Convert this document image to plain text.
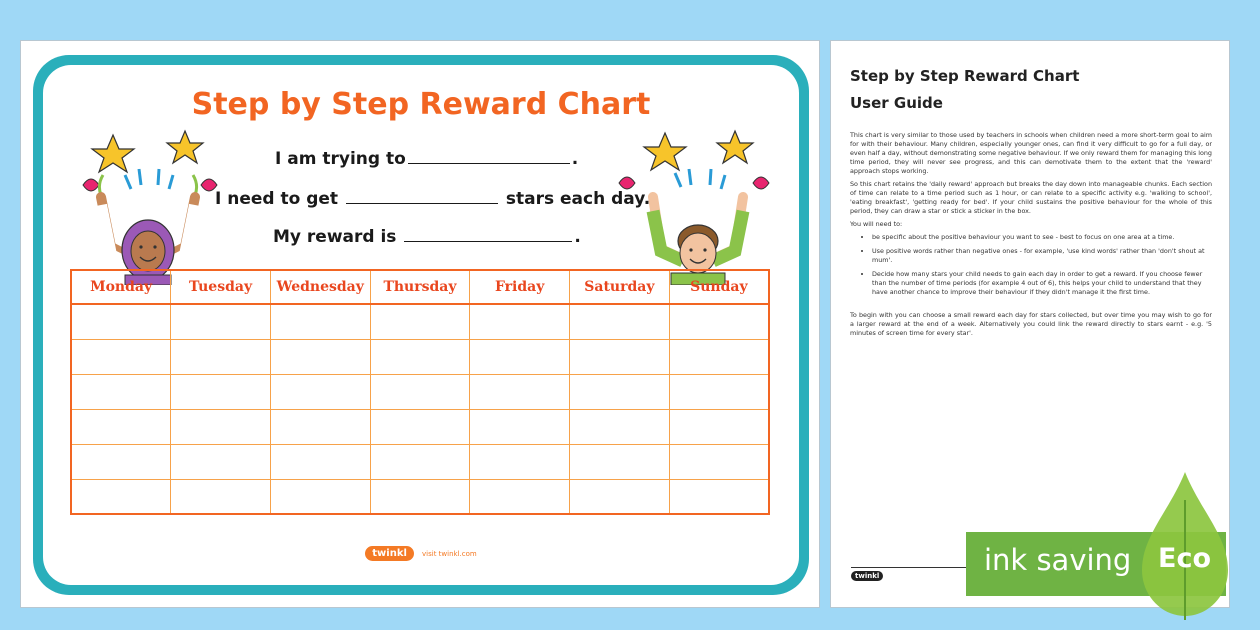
Step by Step Reward Chart
I am trying to	.
I need to get	stars each day.
My reward is	.
Monday	Tuesday	Wednesday	Thursday	Friday	Saturday	Sunday

twinkl visit twinkl.com
Step by Step Reward Chart
User Guide

This chart is very similar to those used by teachers in schools when children need a more short-term goal to aim for with their behaviour. Many children, especially younger ones, can find it very difficult to go for a full day, or even half a day, without demonstrating some negative behaviour. If we only reward them for managing this long time period, they will never see progress, and this can demotivate them to the extent that the 'reward' approach stops working.

So this chart retains the 'daily reward' approach but breaks the day down into manageable chunks. Each section of time can relate to a time period such as 1 hour, or can relate to a specific activity e.g. 'walking to school', 'eating breakfast', 'getting ready for bed'. If your child sustains the positive behaviour for the whole of this period, they can draw a star or stick a sticker in the box.

You will need to:

• be specific about the positive behaviour you want to see - best to focus on one area at a time.
• Use positive words rather than negative ones - for example, 'use kind words' rather than 'don't shout at mum'.
• Decide how many stars your child needs to gain each day in order to get a reward. If you choose fewer than the number of time periods (for example 4 out of 6), this helps your child to understand that they have another chance to improve their behaviour if they didn't manage it the first time.

To begin with you can choose a small reward each day for stars collected, but over time you may wish to go for a larger reward at the end of a week. Alternatively you could link the reward directly to stars earnt - e.g. '5 minutes of screen time for every star'.

twinkl	ink saving Eco
